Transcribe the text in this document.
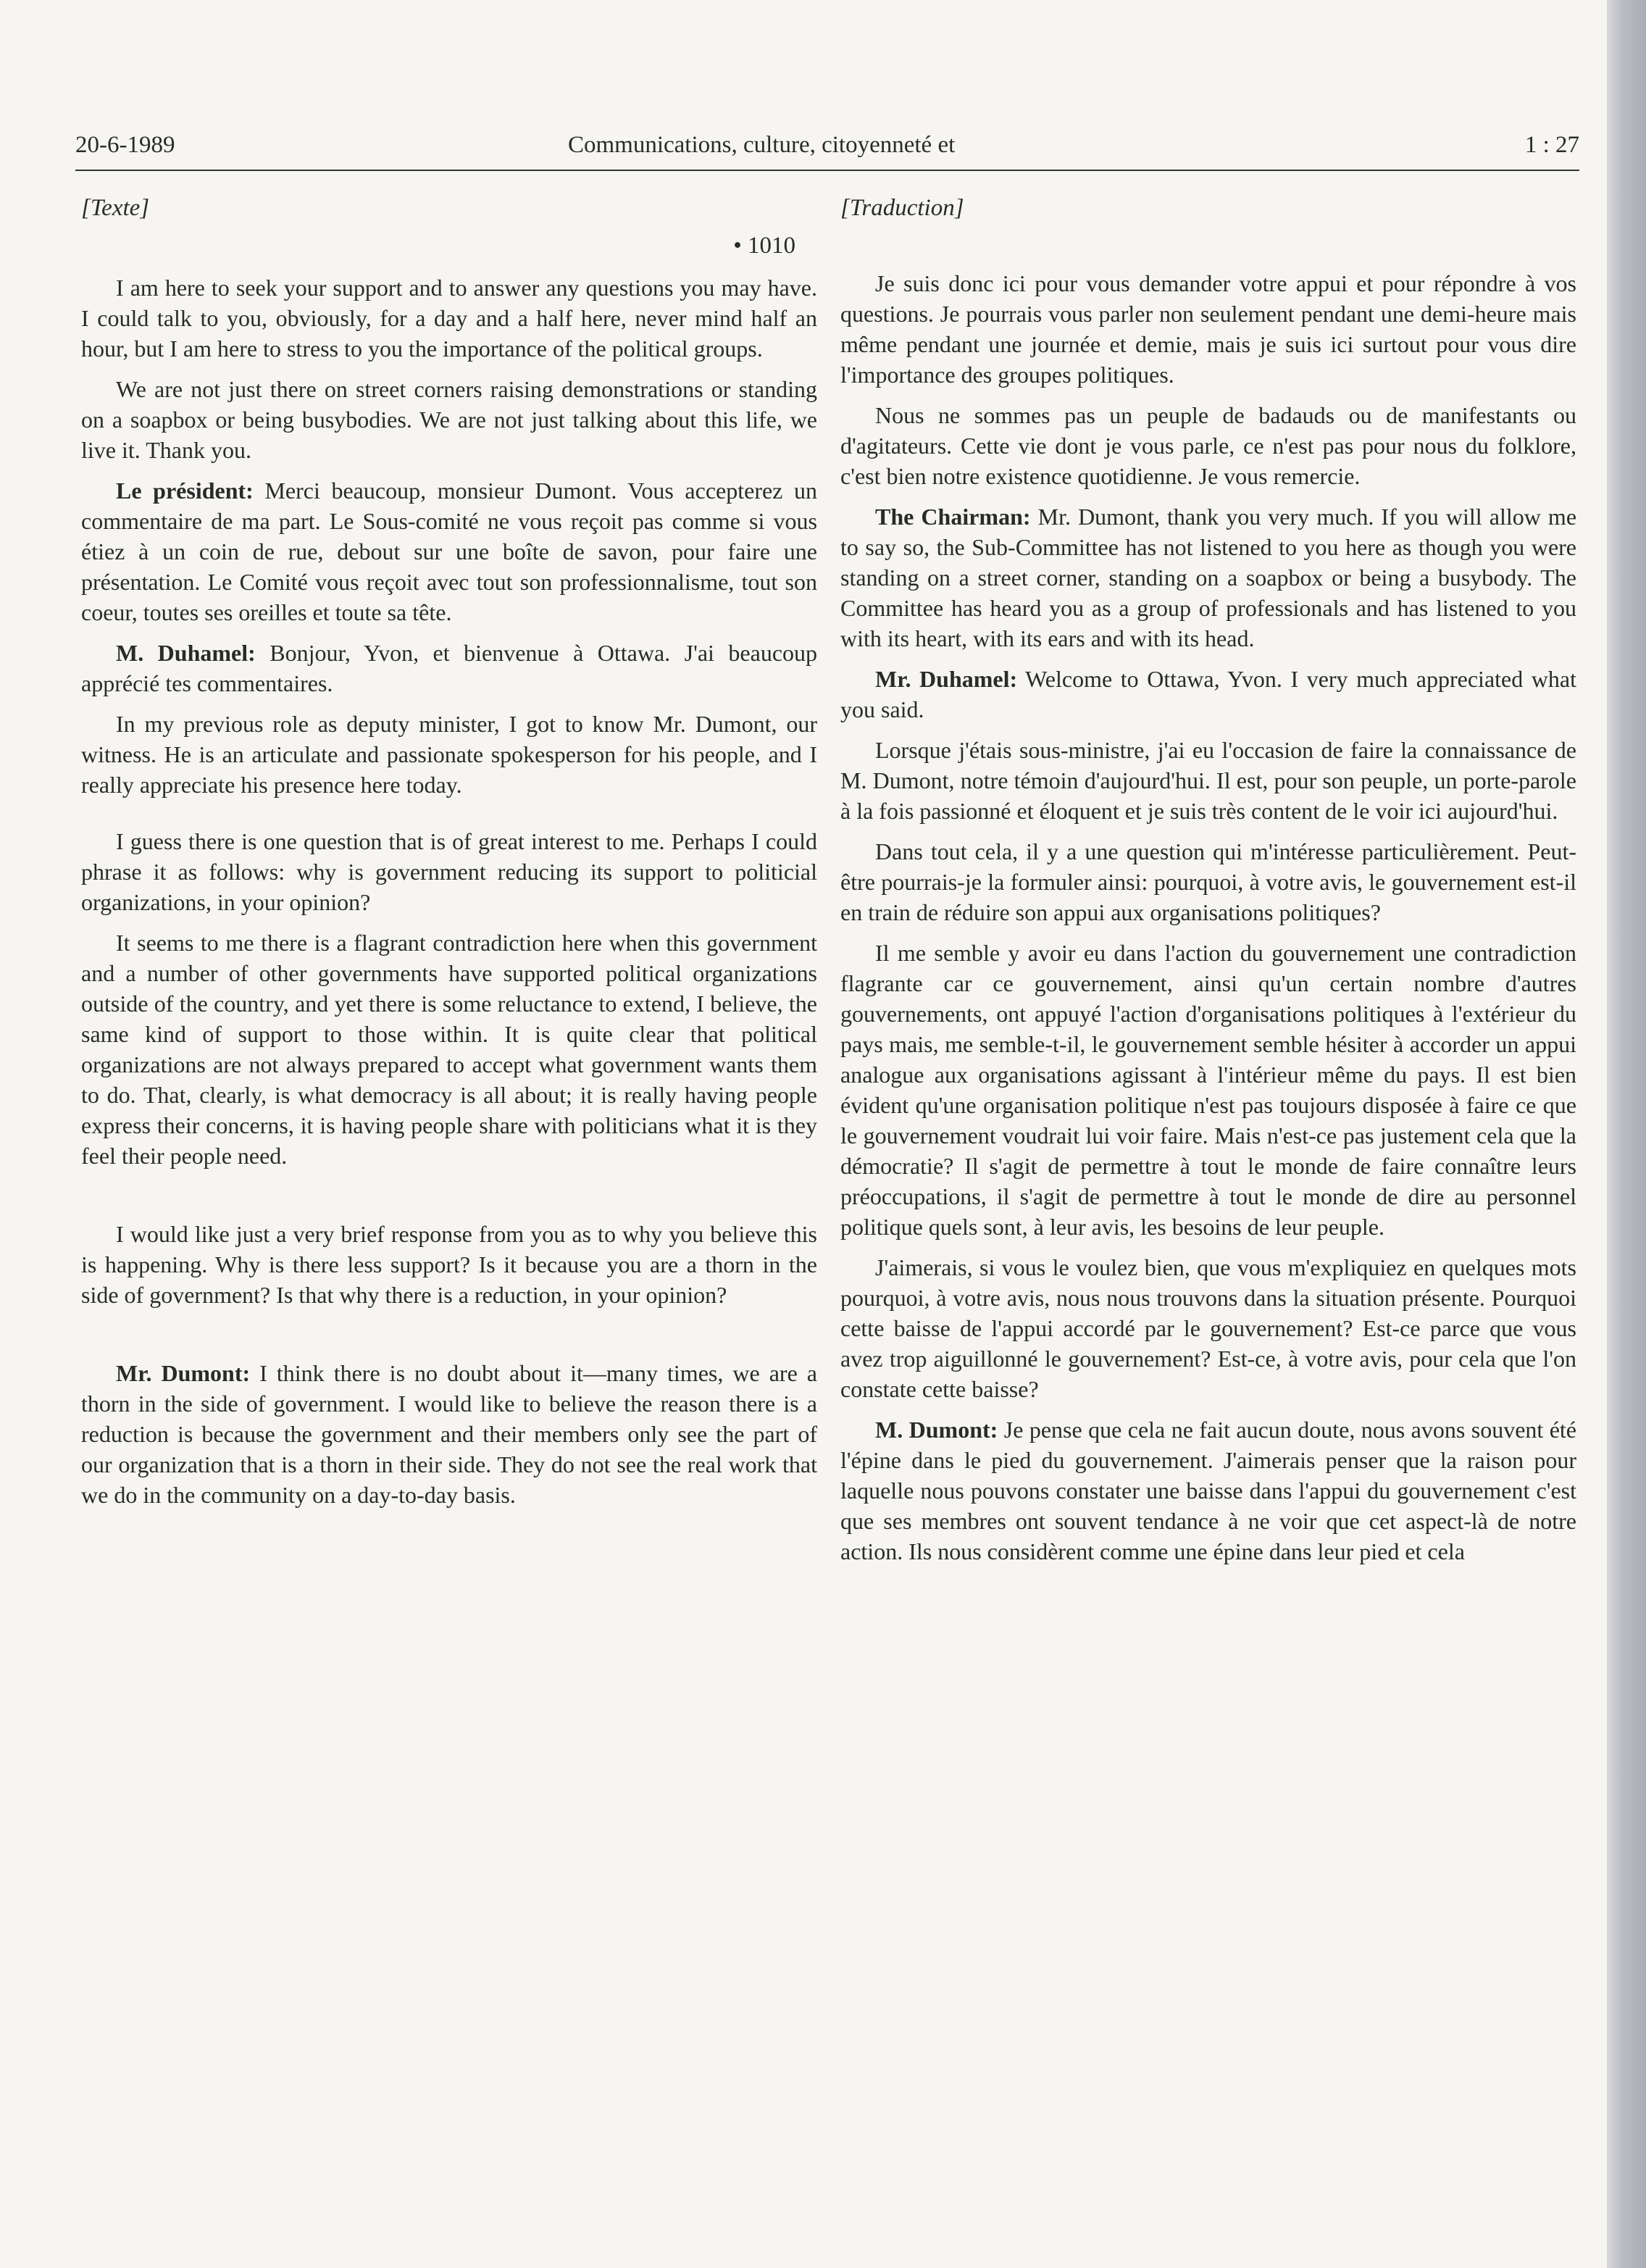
20-6-1989	Communications, culture, citoyenneté et	1 : 27
[Texte]
• 1010

I am here to seek your support and to answer any questions you may have. I could talk to you, obviously, for a day and a half here, never mind half an hour, but I am here to stress to you the importance of the political groups.

We are not just there on street corners raising demonstrations or standing on a soapbox or being busybodies. We are not just talking about this life, we live it. Thank you.

Le président: Merci beaucoup, monsieur Dumont. Vous accepterez un commentaire de ma part. Le Sous-comité ne vous reçoit pas comme si vous étiez à un coin de rue, debout sur une boîte de savon, pour faire une présentation. Le Comité vous reçoit avec tout son professionnalisme, tout son coeur, toutes ses oreilles et toute sa tête.

M. Duhamel: Bonjour, Yvon, et bienvenue à Ottawa. J'ai beaucoup apprécié tes commentaires.

In my previous role as deputy minister, I got to know Mr. Dumont, our witness. He is an articulate and passionate spokesperson for his people, and I really appreciate his presence here today.

I guess there is one question that is of great interest to me. Perhaps I could phrase it as follows: why is government reducing its support to politicial organizations, in your opinion?

It seems to me there is a flagrant contradiction here when this government and a number of other governments have supported political organizations outside of the country, and yet there is some reluctance to extend, I believe, the same kind of support to those within. It is quite clear that political organizations are not always prepared to accept what government wants them to do. That, clearly, is what democracy is all about; it is really having people express their concerns, it is having people share with politicians what it is they feel their people need.

I would like just a very brief response from you as to why you believe this is happening. Why is there less support? Is it because you are a thorn in the side of government? Is that why there is a reduction, in your opinion?

Mr. Dumont: I think there is no doubt about it—many times, we are a thorn in the side of government. I would like to believe the reason there is a reduction is because the government and their members only see the part of our organization that is a thorn in their side. They do not see the real work that we do in the community on a day-to-day basis.

[Traduction]

Je suis donc ici pour vous demander votre appui et pour répondre à vos questions. Je pourrais vous parler non seulement pendant une demi-heure mais même pendant une journée et demie, mais je suis ici surtout pour vous dire l'importance des groupes politiques.

Nous ne sommes pas un peuple de badauds ou de manifestants ou d'agitateurs. Cette vie dont je vous parle, ce n'est pas pour nous du folklore, c'est bien notre existence quotidienne. Je vous remercie.

The Chairman: Mr. Dumont, thank you very much. If you will allow me to say so, the Sub-Committee has not listened to you here as though you were standing on a street corner, standing on a soapbox or being a busybody. The Committee has heard you as a group of professionals and has listened to you with its heart, with its ears and with its head.

Mr. Duhamel: Welcome to Ottawa, Yvon. I very much appreciated what you said.

Lorsque j'étais sous-ministre, j'ai eu l'occasion de faire la connaissance de M. Dumont, notre témoin d'aujourd'hui. Il est, pour son peuple, un porte-parole à la fois passionné et éloquent et je suis très content de le voir ici aujourd'hui.

Dans tout cela, il y a une question qui m'intéresse particulièrement. Peut-être pourrais-je la formuler ainsi: pourquoi, à votre avis, le gouvernement est-il en train de réduire son appui aux organisations politiques?

Il me semble y avoir eu dans l'action du gouvernement une contradiction flagrante car ce gouvernement, ainsi qu'un certain nombre d'autres gouvernements, ont appuyé l'action d'organisations politiques à l'extérieur du pays mais, me semble-t-il, le gouvernement semble hésiter à accorder un appui analogue aux organisations agissant à l'intérieur même du pays. Il est bien évident qu'une organisation politique n'est pas toujours disposée à faire ce que le gouvernement voudrait lui voir faire. Mais n'est-ce pas justement cela que la démocratie? Il s'agit de permettre à tout le monde de faire connaître leurs préoccupations, il s'agit de permettre à tout le monde de dire au personnel politique quels sont, à leur avis, les besoins de leur peuple.

J'aimerais, si vous le voulez bien, que vous m'expliquiez en quelques mots pourquoi, à votre avis, nous nous trouvons dans la situation présente. Pourquoi cette baisse de l'appui accordé par le gouvernement? Est-ce parce que vous avez trop aiguillonné le gouvernement? Est-ce, à votre avis, pour cela que l'on constate cette baisse?

M. Dumont: Je pense que cela ne fait aucun doute, nous avons souvent été l'épine dans le pied du gouvernement. J'aimerais penser que la raison pour laquelle nous pouvons constater une baisse dans l'appui du gouvernement c'est que ses membres ont souvent tendance à ne voir que cet aspect-là de notre action. Ils nous considèrent comme une épine dans leur pied et cela
